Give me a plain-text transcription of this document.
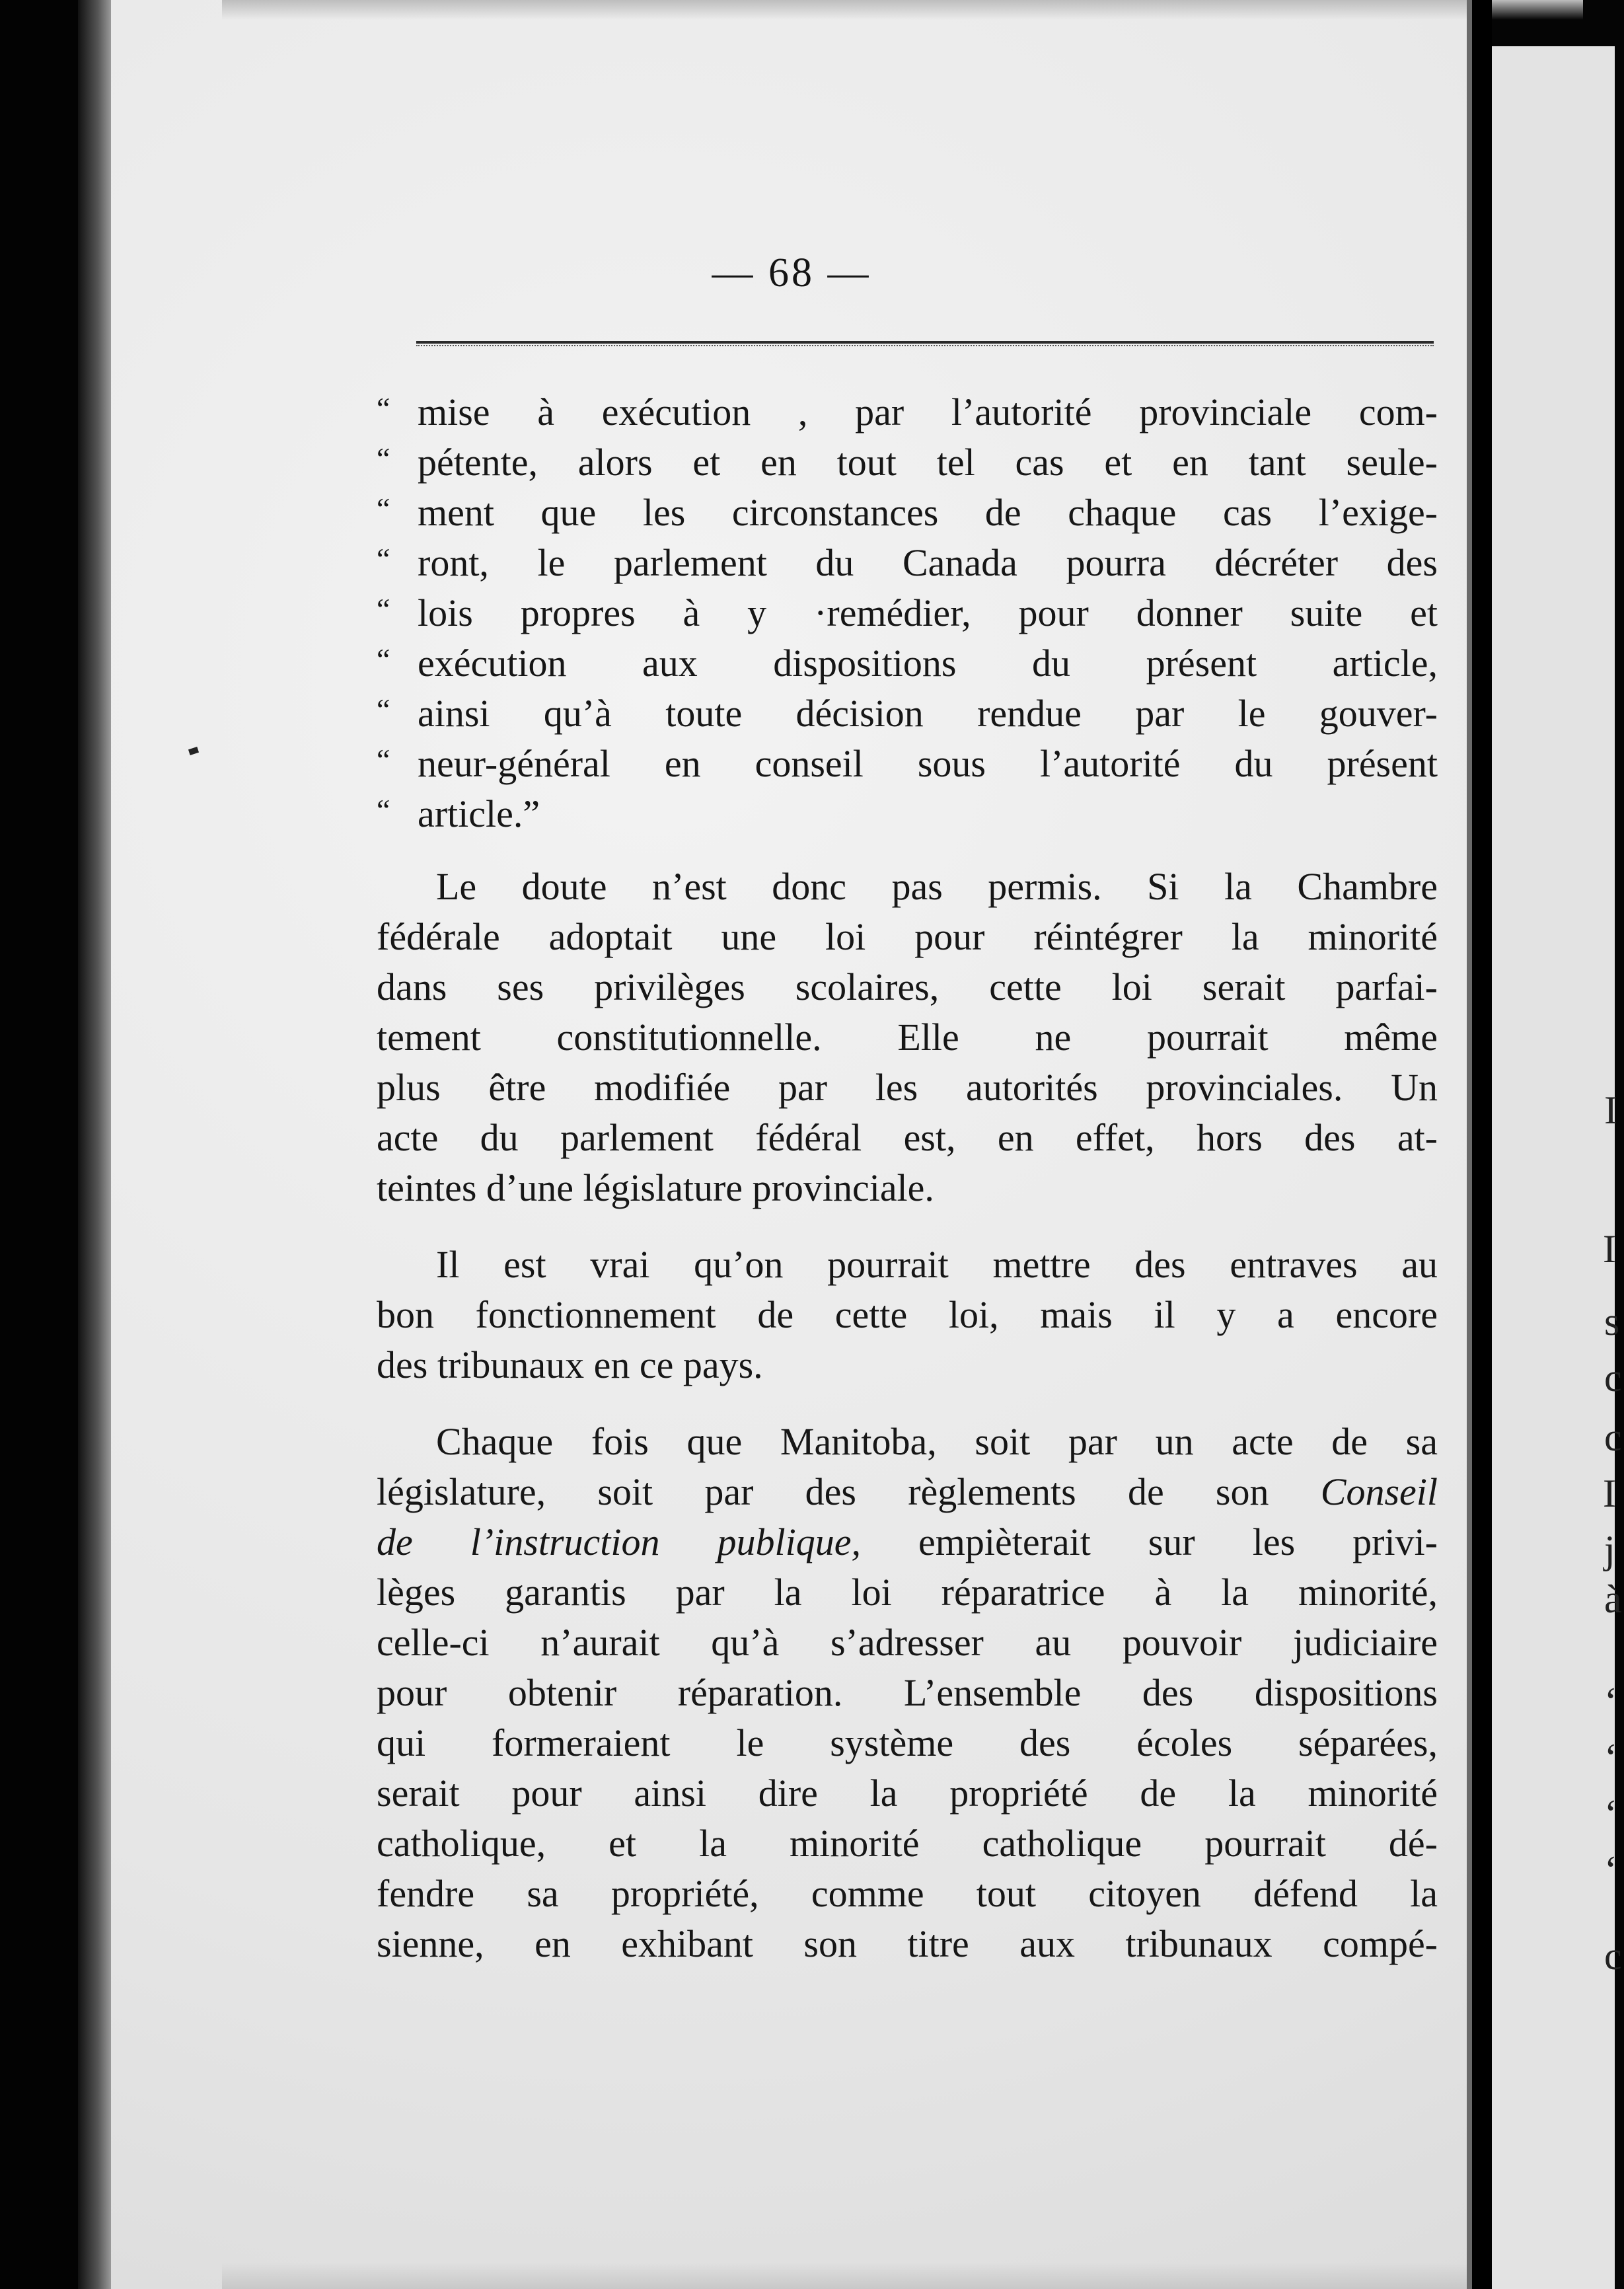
— 68 —
“ mise à exécution , par l’autorité provinciale com-
“ pétente, alors et en tout tel cas et en tant seule-
“ ment que les circonstances de chaque cas l’exige-
“ ront, le parlement du Canada pourra décréter des
“ lois propres à y ·remédier, pour donner suite et
“ exécution aux dispositions du présent article,
“ ainsi qu’à toute décision rendue par le gouver-
“ neur-général en conseil sous l’autorité du présent
“ article.”
Le doute n’est donc pas permis. Si la Chambre
fédérale adoptait une loi pour réintégrer la minorité
dans ses privilèges scolaires, cette loi serait parfai-
tement constitutionnelle. Elle ne pourrait même
plus être modifiée par les autorités provinciales. Un
acte du parlement fédéral est, en effet, hors des at-
teintes d’une législature provinciale.
Il est vrai qu’on pourrait mettre des entraves au
bon fonctionnement de cette loi, mais il y a encore
des tribunaux en ce pays.
Chaque fois que Manitoba, soit par un acte de sa
législature, soit par des règlements de son Conseil
de l’instruction publique, empièterait sur les privi-
lèges garantis par la loi réparatrice à la minorité,
celle-ci n’aurait qu’à s’adresser au pouvoir judiciaire
pour obtenir réparation. L’ensemble des dispositions
qui formeraient le système des écoles séparées,
serait pour ainsi dire la propriété de la minorité
catholique, et la minorité catholique pourrait dé-
fendre sa propriété, comme tout citoyen défend la
sienne, en exhibant son titre aux tribunaux compé-
I
I
s
c
c
I
j
à
‘
‘
‘
‘
c
